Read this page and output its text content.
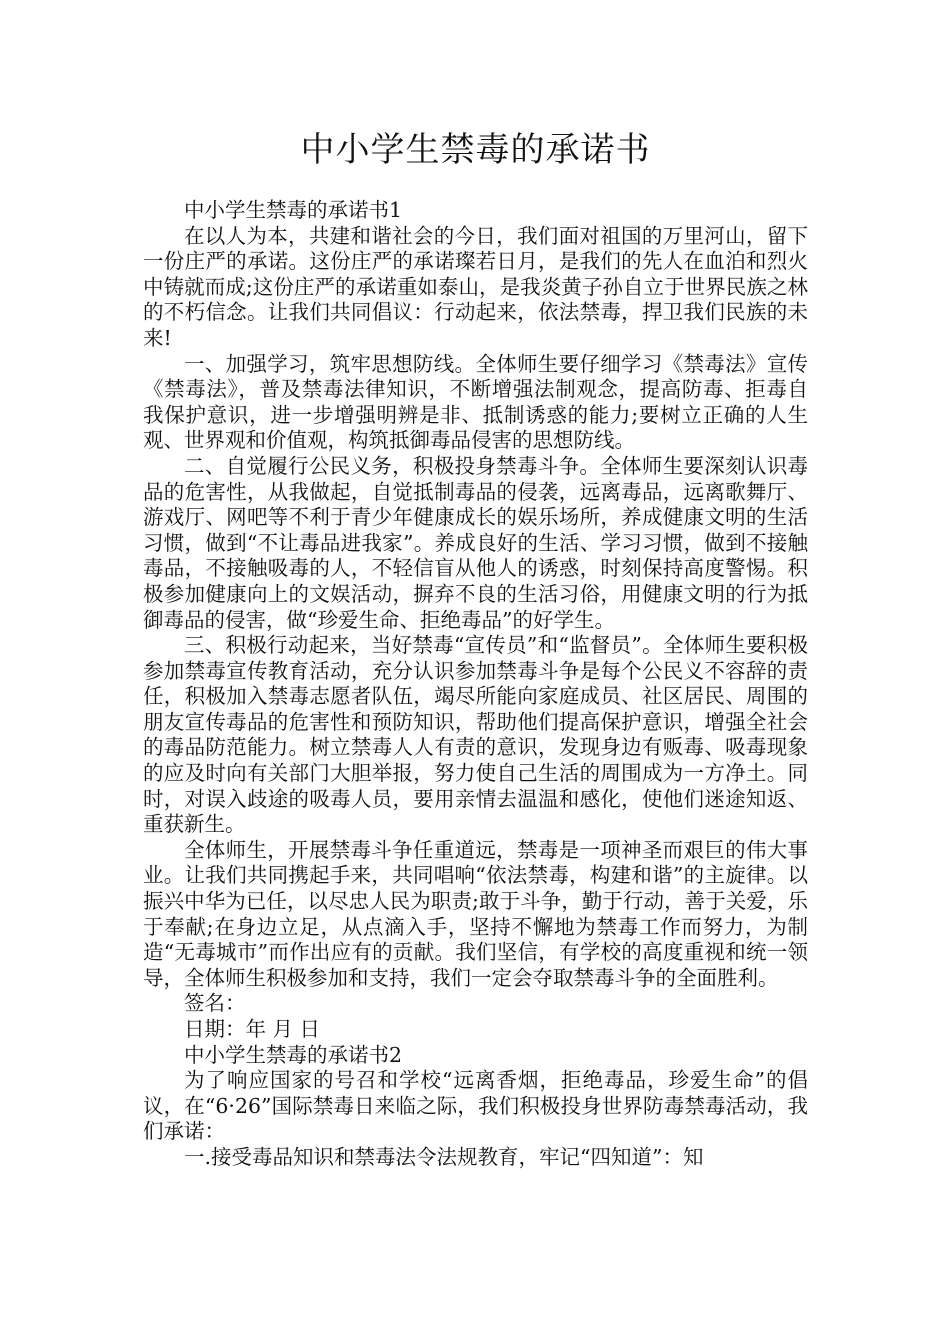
中小学生禁毒的承诺书

中小学生禁毒的承诺书1

在以人为本，共建和谐社会的今日，我们面对祖国的万里河山，留下一份庄严的承诺。这份庄严的承诺璨若日月，是我们的先人在血泊和烈火中铸就而成;这份庄严的承诺重如泰山，是我炎黄子孙自立于世界民族之林的不朽信念。让我们共同倡议：行动起来，依法禁毒，捍卫我们民族的未来!

一、加强学习，筑牢思想防线。全体师生要仔细学习《禁毒法》宣传《禁毒法》，普及禁毒法律知识，不断增强法制观念，提高防毒、拒毒自我保护意识，进一步增强明辨是非、抵制诱惑的能力;要树立正确的人生观、世界观和价值观，构筑抵御毒品侵害的思想防线。

二、自觉履行公民义务，积极投身禁毒斗争。全体师生要深刻认识毒品的危害性，从我做起，自觉抵制毒品的侵袭，远离毒品，远离歌舞厅、游戏厅、网吧等不利于青少年健康成长的娱乐场所，养成健康文明的生活习惯，做到“不让毒品进我家”。养成良好的生活、学习习惯，做到不接触毒品，不接触吸毒的人，不轻信盲从他人的诱惑，时刻保持高度警惕。积极参加健康向上的文娱活动，摒弃不良的生活习俗，用健康文明的行为抵御毒品的侵害，做“珍爱生命、拒绝毒品”的好学生。

三、积极行动起来，当好禁毒“宣传员”和“监督员”。全体师生要积极参加禁毒宣传教育活动，充分认识参加禁毒斗争是每个公民义不容辞的责任，积极加入禁毒志愿者队伍，竭尽所能向家庭成员、社区居民、周围的朋友宣传毒品的危害性和预防知识，帮助他们提高保护意识，增强全社会的毒品防范能力。树立禁毒人人有责的意识，发现身边有贩毒、吸毒现象的应及时向有关部门大胆举报，努力使自己生活的周围成为一方净土。同时，对误入歧途的吸毒人员，要用亲情去温温和感化，使他们迷途知返、重获新生。

全体师生，开展禁毒斗争任重道远，禁毒是一项神圣而艰巨的伟大事业。让我们共同携起手来，共同唱响“依法禁毒，构建和谐”的主旋律。以振兴中华为已任，以尽忠人民为职责;敢于斗争，勤于行动，善于关爱，乐于奉献;在身边立足，从点滴入手，坚持不懈地为禁毒工作而努力，为制造“无毒城市”而作出应有的贡献。我们坚信，有学校的高度重视和统一领导，全体师生积极参加和支持，我们一定会夺取禁毒斗争的全面胜利。

签名：

日期：年 月 日

中小学生禁毒的承诺书2

为了响应国家的号召和学校“远离香烟，拒绝毒品，珍爱生命”的倡议，在“6·26”国际禁毒日来临之际，我们积极投身世界防毒禁毒活动，我们承诺：

一.接受毒品知识和禁毒法令法规教育，牢记“四知道”：知
